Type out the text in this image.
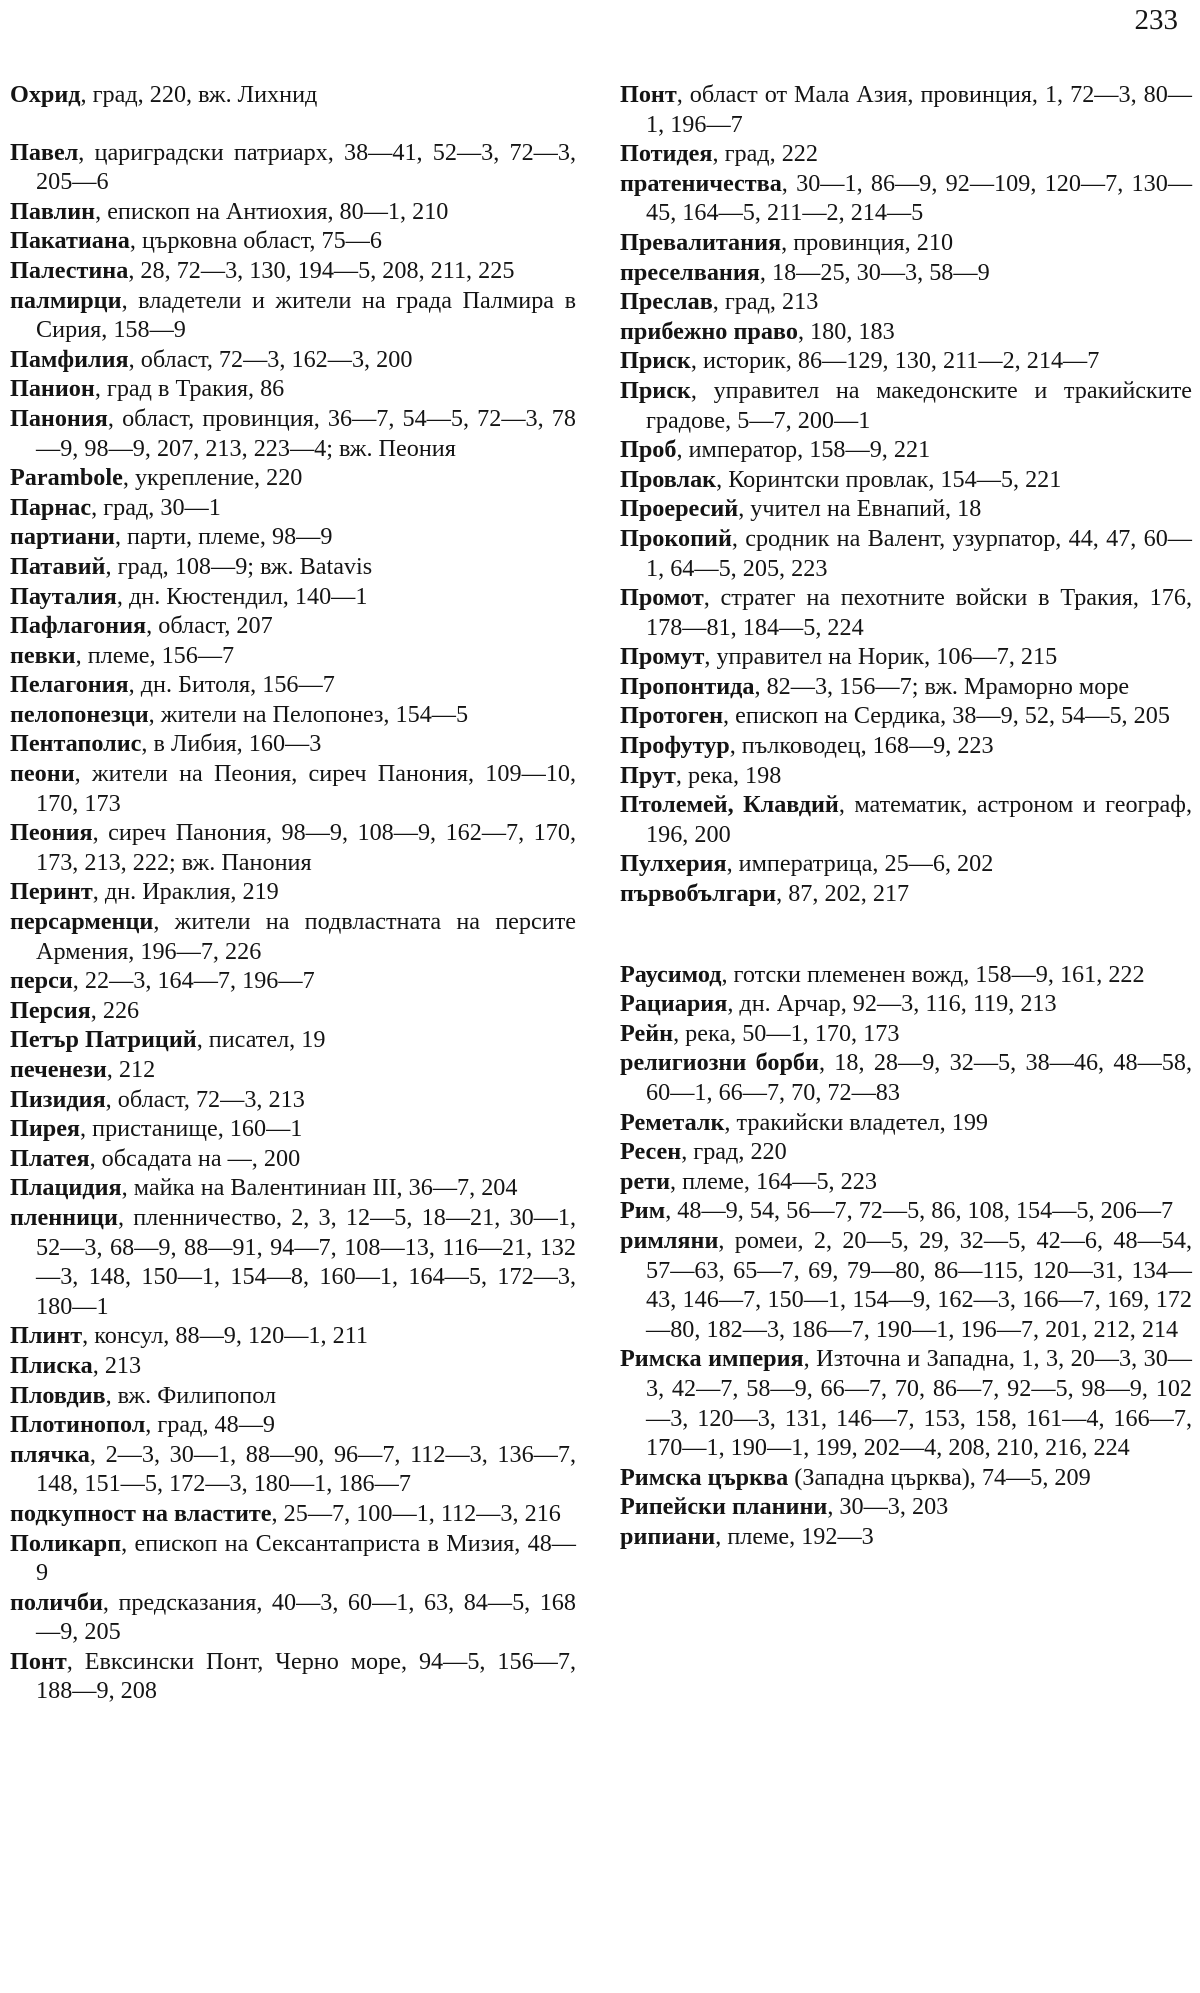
233

Охрид, град, 220, вж. Лихнид

Павел, цариградски патриарх, 38—41, 52—3, 72—3, 205—6

Павлин, епископ на Антиохия, 80—1, 210

Пакатиана, църковна област, 75—6

Палестина, 28, 72—3, 130, 194—5, 208, 211, 225

палмирци, владетели и жители на града Палмира в Сирия, 158—9

Памфилия, област, 72—3, 162—3, 200

Панион, град в Тракия, 86

Панония, област, провинция, 36—7, 54—5, 72—3, 78—9, 98—9, 207, 213, 223—4; вж. Пеония

Parambole, укрепление, 220

Парнас, град, 30—1

партиани, парти, племе, 98—9

Патавий, град, 108—9; вж. Batavis

Пауталия, дн. Кюстендил, 140—1

Пафлагония, област, 207

певки, племе, 156—7

Пелагония, дн. Битоля, 156—7

пелопонезци, жители на Пелопонез, 154—5

Пентаполис, в Либия, 160—3

пеони, жители на Пеония, сиреч Панония, 109—10, 170, 173

Пеония, сиреч Панония, 98—9, 108—9, 162—7, 170, 173, 213, 222; вж. Панония

Перинт, дн. Ираклия, 219

персарменци, жители на подвластната на персите Армения, 196—7, 226

перси, 22—3, 164—7, 196—7

Персия, 226

Петър Патриций, писател, 19

печенези, 212

Пизидия, област, 72—3, 213

Пирея, пристанище, 160—1

Платея, обсадата на —, 200

Плацидия, майка на Валентиниан III, 36—7, 204

пленници, пленничество, 2, 3, 12—5, 18—21, 30—1, 52—3, 68—9, 88—91, 94—7, 108—13, 116—21, 132—3, 148, 150—1, 154—8, 160—1, 164—5, 172—3, 180—1

Плинт, консул, 88—9, 120—1, 211

Плиска, 213

Пловдив, вж. Филипопол

Плотинопол, град, 48—9

плячка, 2—3, 30—1, 88—90, 96—7, 112—3, 136—7, 148, 151—5, 172—3, 180—1, 186—7

подкупност на властите, 25—7, 100—1, 112—3, 216

Поликарп, епископ на Сексантаприста в Мизия, 48—9

поличби, предсказания, 40—3, 60—1, 63, 84—5, 168—9, 205

Понт, Евксински Понт, Черно море, 94—5, 156—7, 188—9, 208

Понт, област от Мала Азия, провинция, 1, 72—3, 80—1, 196—7

Потидея, град, 222

пратеничества, 30—1, 86—9, 92—109, 120—7, 130—45, 164—5, 211—2, 214—5

Превалитания, провинция, 210

преселвания, 18—25, 30—3, 58—9

Преслав, град, 213

прибежно право, 180, 183

Приск, историк, 86—129, 130, 211—2, 214—7

Приск, управител на македонските и тракийските градове, 5—7, 200—1

Проб, император, 158—9, 221

Провлак, Коринтски провлак, 154—5, 221

Проересий, учител на Евнапий, 18

Прокопий, сродник на Валент, узурпатор, 44, 47, 60—1, 64—5, 205, 223

Промот, стратег на пехотните войски в Тракия, 176, 178—81, 184—5, 224

Промут, управител на Норик, 106—7, 215

Пропонтида, 82—3, 156—7; вж. Мраморно море

Протоген, епископ на Сердика, 38—9, 52, 54—5, 205

Профутур, пълководец, 168—9, 223

Прут, река, 198

Птолемей, Клавдий, математик, астроном и географ, 196, 200

Пулхерия, императрица, 25—6, 202

първобългари, 87, 202, 217

Раусимод, готски племенен вожд, 158—9, 161, 222

Рациария, дн. Арчар, 92—3, 116, 119, 213

Рейн, река, 50—1, 170, 173

религиозни борби, 18, 28—9, 32—5, 38—46, 48—58, 60—1, 66—7, 70, 72—83

Реметалк, тракийски владетел, 199

Ресен, град, 220

рети, племе, 164—5, 223

Рим, 48—9, 54, 56—7, 72—5, 86, 108, 154—5, 206—7

римляни, ромеи, 2, 20—5, 29, 32—5, 42—6, 48—54, 57—63, 65—7, 69, 79—80, 86—115, 120—31, 134—43, 146—7, 150—1, 154—9, 162—3, 166—7, 169, 172—80, 182—3, 186—7, 190—1, 196—7, 201, 212, 214

Римска империя, Източна и Западна, 1, 3, 20—3, 30—3, 42—7, 58—9, 66—7, 70, 86—7, 92—5, 98—9, 102—3, 120—3, 131, 146—7, 153, 158, 161—4, 166—7, 170—1, 190—1, 199, 202—4, 208, 210, 216, 224

Римска църква (Западна църква), 74—5, 209

Рипейски планини, 30—3, 203

рипиани, племе, 192—3
